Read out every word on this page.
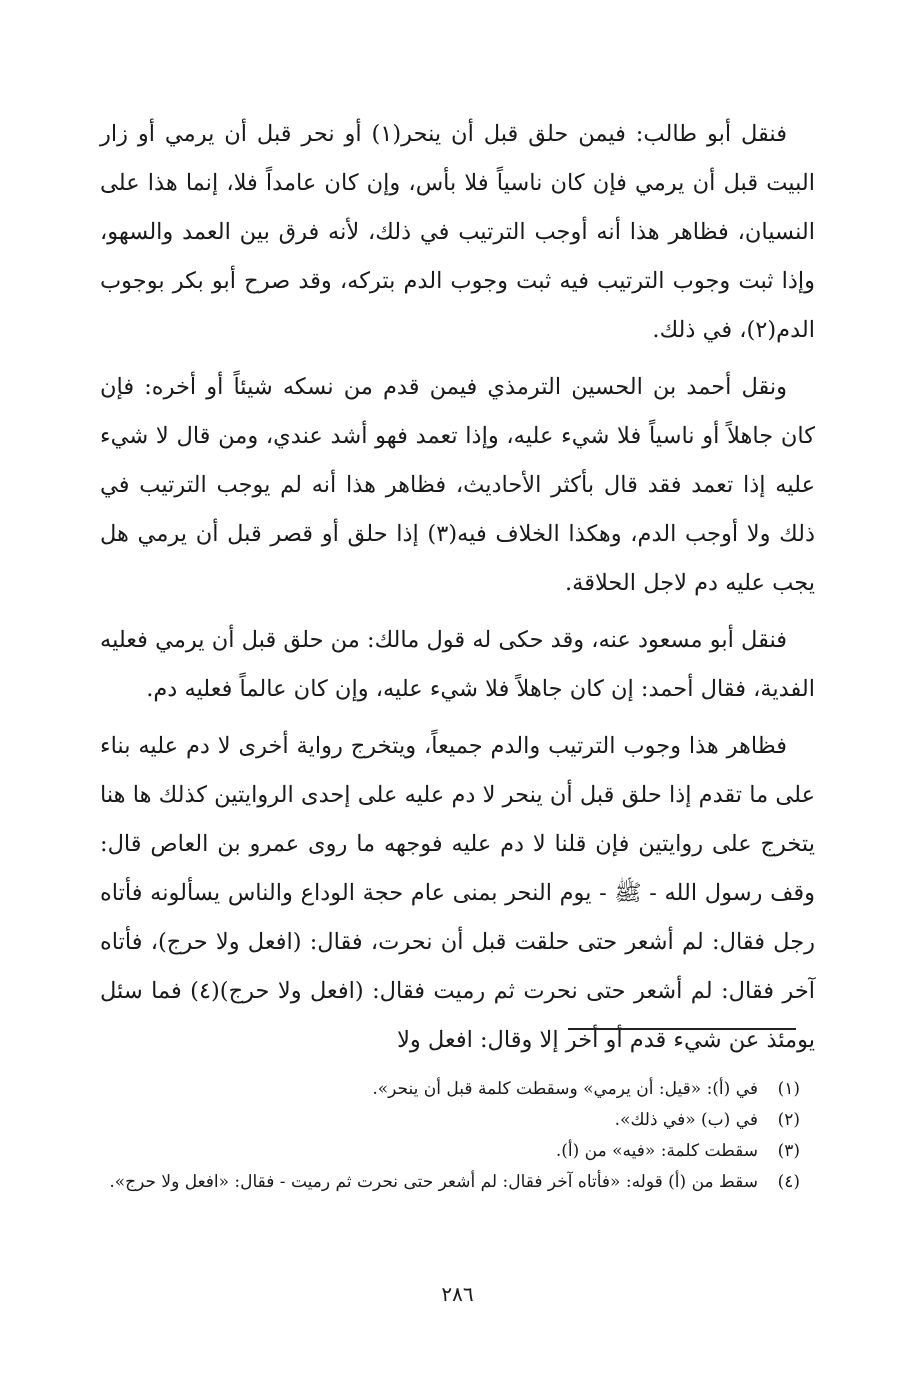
فنقل أبو طالب: فيمن حلق قبل أن ينحر(١) أو نحر قبل أن يرمي أو زار البيت قبل أن يرمي فإن كان ناسياً فلا بأس، وإن كان عامداً فلا، إنما هذا على النسيان، فظاهر هذا أنه أوجب الترتيب في ذلك، لأنه فرق بين العمد والسهو، وإذا ثبت وجوب الترتيب فيه ثبت وجوب الدم بتركه، وقد صرح أبو بكر بوجوب الدم(٢)، في ذلك.

ونقل أحمد بن الحسين الترمذي فيمن قدم من نسكه شيئاً أو أخره: فإن كان جاهلاً أو ناسياً فلا شيء عليه، وإذا تعمد فهو أشد عندي، ومن قال لا شيء عليه إذا تعمد فقد قال بأكثر الأحاديث، فظاهر هذا أنه لم يوجب الترتيب في ذلك ولا أوجب الدم، وهكذا الخلاف فيه(٣) إذا حلق أو قصر قبل أن يرمي هل يجب عليه دم لاجل الحلاقة.

فنقل أبو مسعود عنه، وقد حكى له قول مالك: من حلق قبل أن يرمي فعليه الفدية، فقال أحمد: إن كان جاهلاً فلا شيء عليه، وإن كان عالماً فعليه دم.

فظاهر هذا وجوب الترتيب والدم جميعاً، ويتخرج رواية أخرى لا دم عليه بناء على ما تقدم إذا حلق قبل أن ينحر لا دم عليه على إحدى الروايتين كذلك ها هنا يتخرج على روايتين فإن قلنا لا دم عليه فوجهه ما روى عمرو بن العاص قال: وقف رسول الله - ﷺ - يوم النحر بمنى عام حجة الوداع والناس يسألونه فأتاه رجل فقال: لم أشعر حتى حلقت قبل أن نحرت، فقال: (افعل ولا حرج)، فأتاه آخر فقال: لم أشعر حتى نحرت ثم رميت فقال: (افعل ولا حرج)(٤) فما سئل يومئذ عن شيء قدم أو أخر إلا وقال: افعل ولا

(١)
في (أ): «قيل: أن يرمي» وسقطت كلمة قبل أن ينحر».
(٢)
في (ب) «في ذلك».
(٣)
سقطت كلمة: «فيه» من (أ).
(٤)
سقط من (أ) قوله: «فأتاه آخر فقال: لم أشعر حتى نحرت ثم رميت - فقال: «افعل ولا حرج».
٢٨٦
